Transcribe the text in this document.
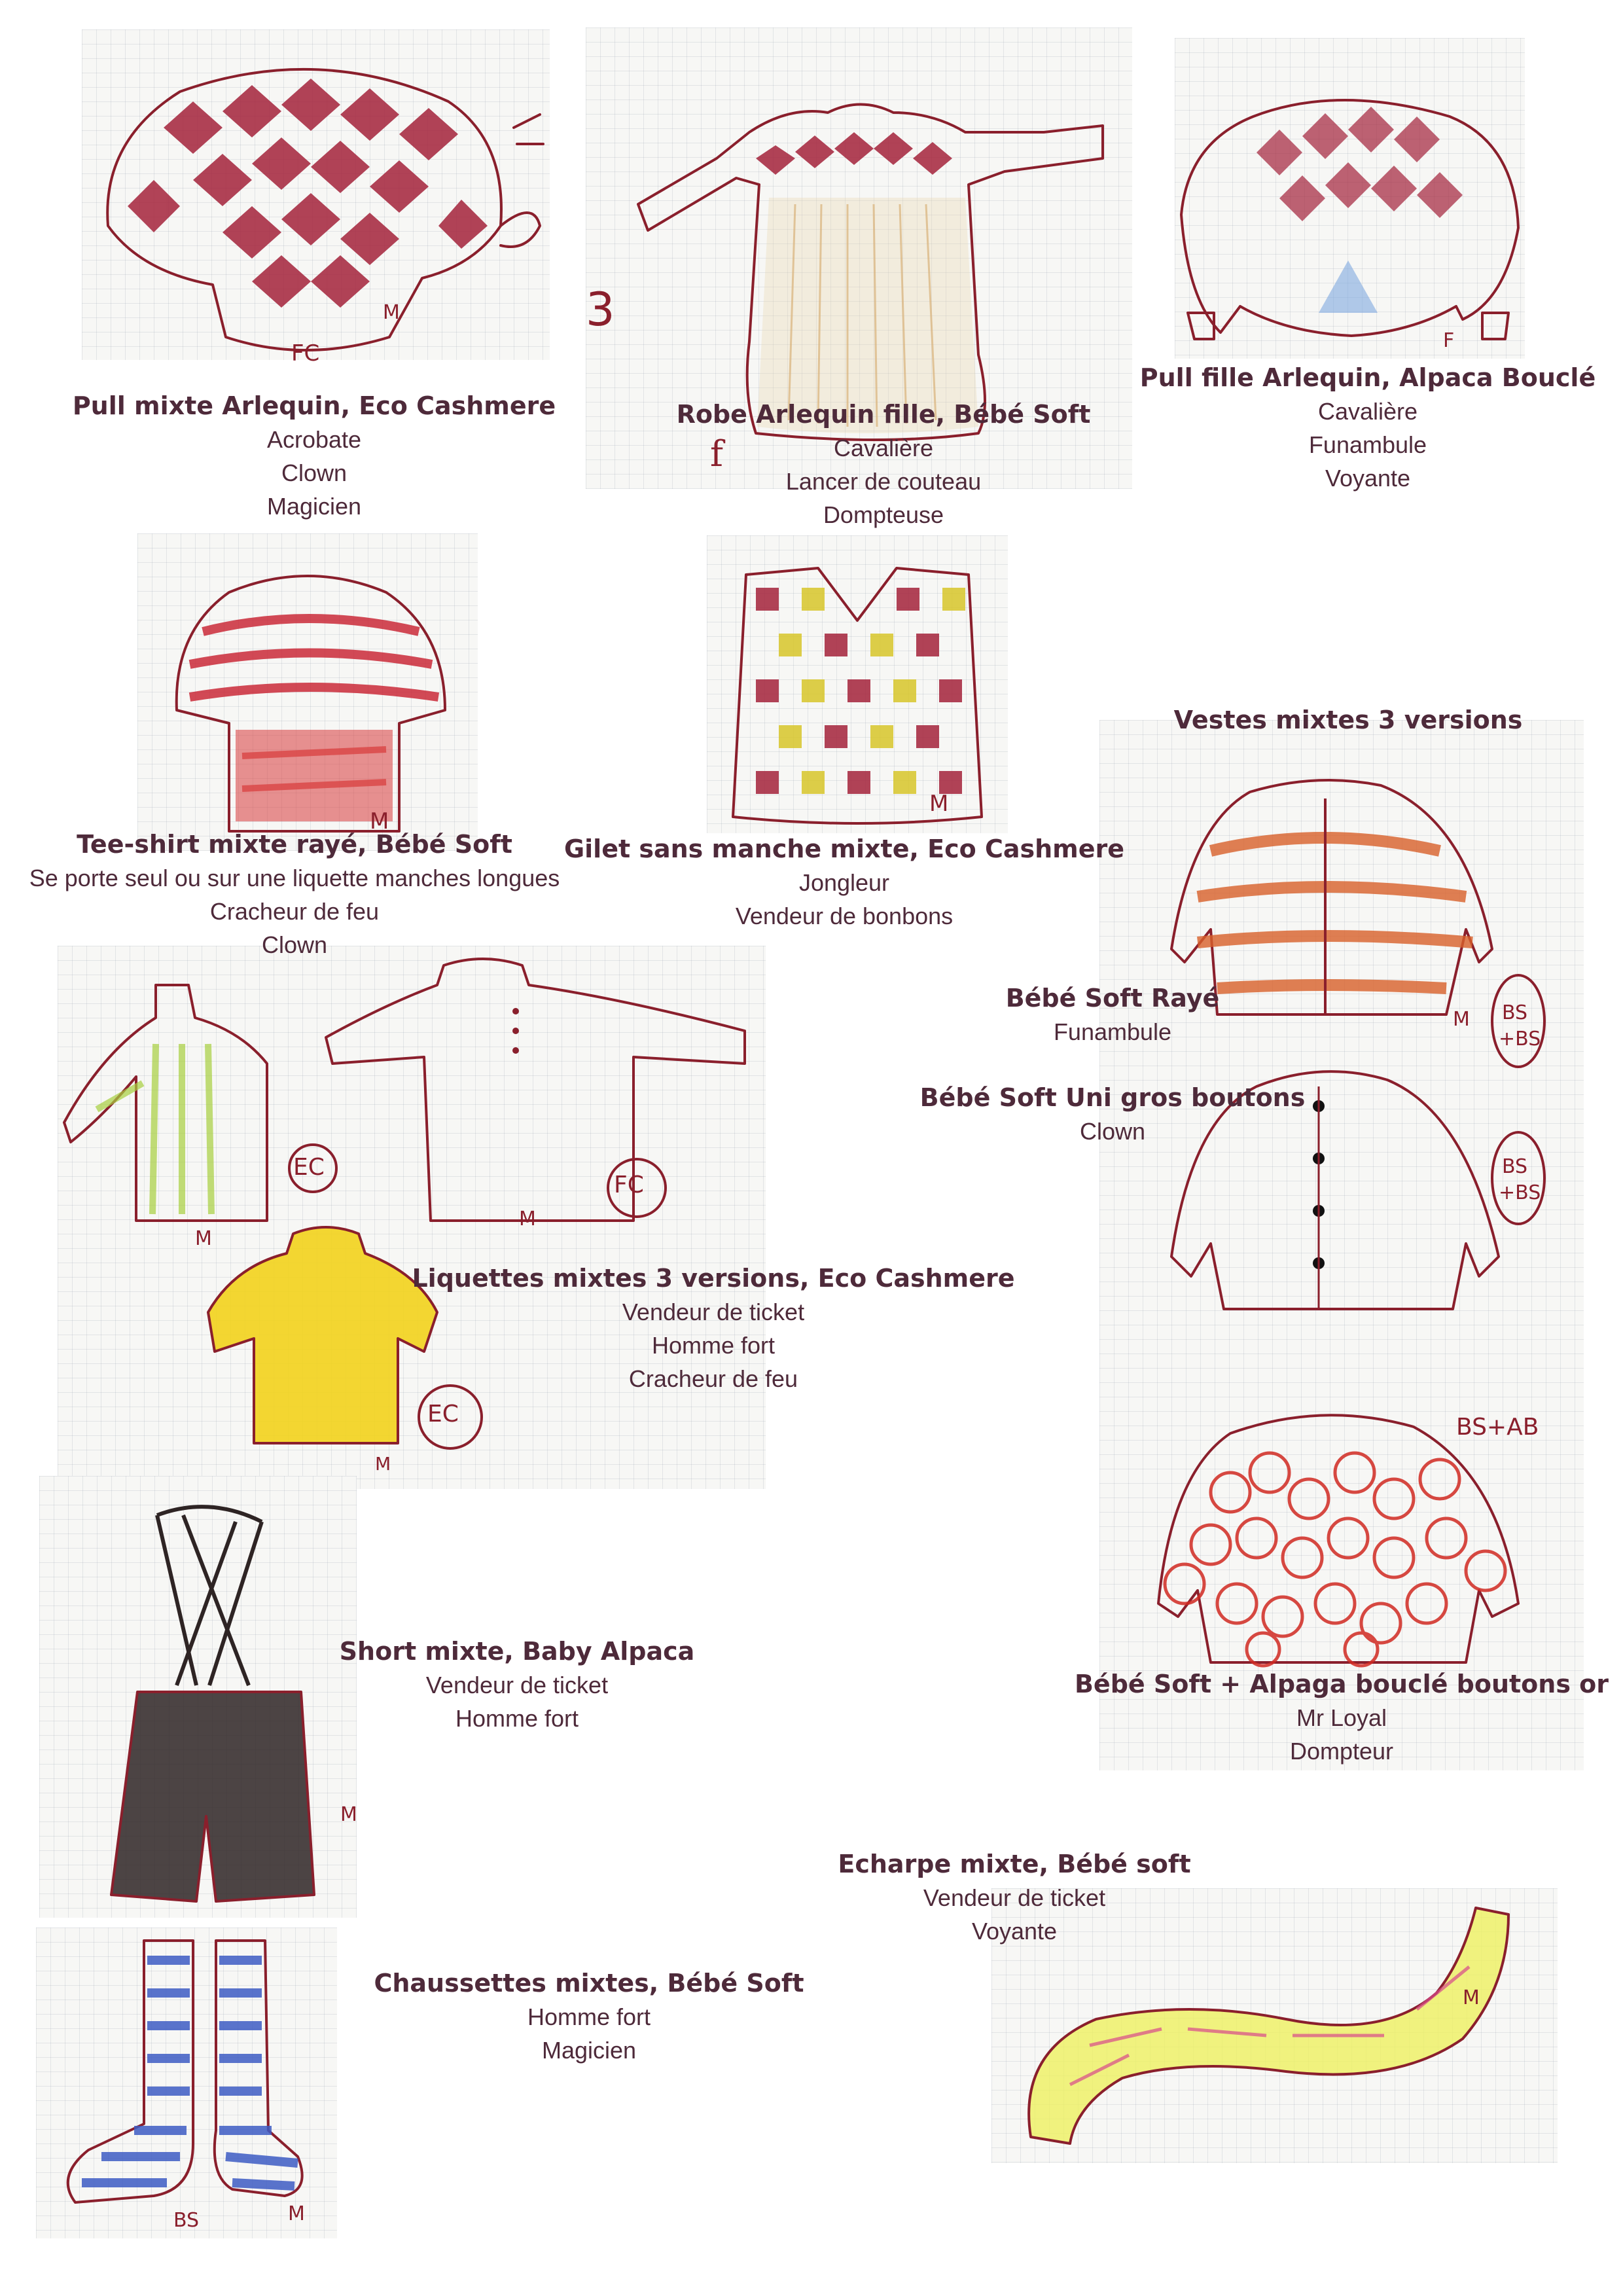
FC
M	3
f
F
M
M
M BS
+BS
BS
+BS
BS+AB
EC
FC
M
M
EC
M
M
BS	M
M
Pull mixte Arlequin, Eco Cashmere
Acrobate
Clown
Magicien
Robe Arlequin fille, Bébé Soft
Cavalière
Lancer de couteau
Dompteuse
Pull fille Arlequin, Alpaca Bouclé
Cavalière
Funambule
Voyante
Tee-shirt mixte rayé, Bébé Soft
Se porte seul ou sur une liquette manches longues
Cracheur de feu
Clown
Gilet sans manche mixte, Eco Cashmere
Jongleur
Vendeur de bonbons
Vestes mixtes 3 versions
Bébé Soft Rayé
Funambule
Bébé Soft Uni gros boutons
Clown
Liquettes mixtes 3 versions, Eco Cashmere
Vendeur de ticket
Homme fort
Cracheur de feu
Short mixte, Baby Alpaca
Vendeur de ticket
Homme fort
Bébé Soft + Alpaga bouclé boutons or
Mr Loyal
Dompteur
Echarpe mixte, Bébé soft
Vendeur de ticket
Voyante
Chaussettes mixtes, Bébé Soft
Homme fort
Magicien
